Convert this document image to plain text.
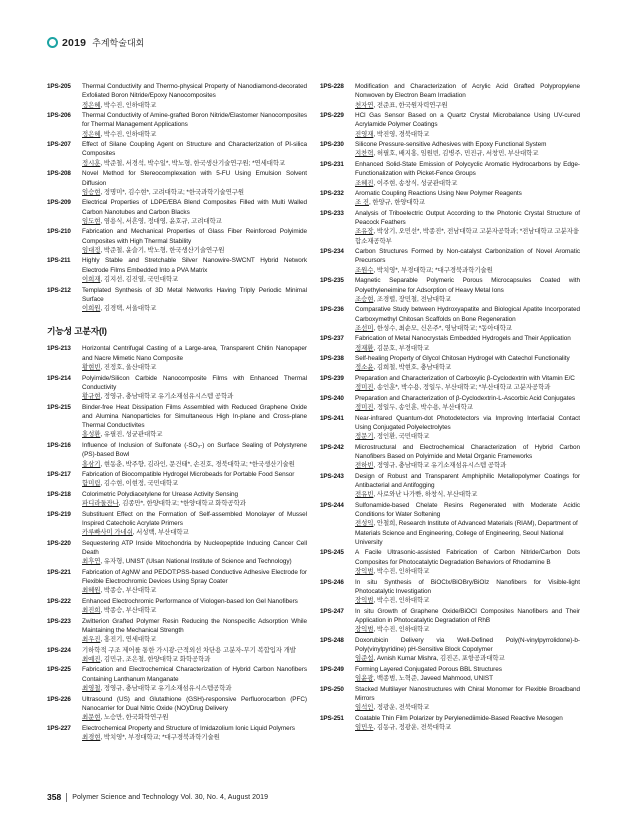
2019 추계학술대회
1PS-205	Thermal Conductivity and Thermo-physical Property of Nanodiamond-decorated Exfoliated Boron Nitride/Epoxy Nanocomposites
정은혜, 박수진, 인하대학교
1PS-206	Thermal Conductivity of Amine-grafted Boron Nitride/Elastomer Nanocomposites for Thermal Management Applications
정은혜, 박수진, 인하대학교
1PS-207	Effect of Silane Coupling Agent on Structure and Characterization of PI-silica Composites
정시훈, 박준철, 서경석, 박수일*, 박노형, 한국생산기술연구원; *연세대학교
1PS-208	Novel Method for Stereocomplexation with 5-FU Using Emulsion Solvent Diffusion
임승현, 정명미*, 김수현*, 고려대학교; *한국과학기술연구원
1PS-209	Electrical Properties of LDPE/EBA Blend Composites Filled with Multi Walled Carbon Nanotubes and Carbon Blacks
임도현, 염용식, 서흔영, 정대영, 윤호규, 고려대학교
1PS-210	Fabrication and Mechanical Properties of Glass Fiber Reinforced Polyimide Composites with High Thermal Stability
임대정, 박준철, 윤슬기, 박노형, 한국생산기술연구원
1PS-211	Highly Stable and Stretchable Silver Nanowire-SWCNT Hybrid Network Electrode Films Embedded Into a PVA Matrix
이희재, 김지선, 김진열, 국민대학교
1PS-212	Templated Synthesis of 3D Metal Networks Having Triply Periodic Minimal Surface
이희원, 김경택, 서울대학교
기능성 고분자(I)
1PS-213	Horizontal Centrifugal Casting of a Large-area, Transparent Chitin Nanopaper and Nacre Mimetic Nano Composite
황현빈, 진정호, 울산대학교
1PS-214	Polyimide/Silicon Carbide Nanocomposite Films with Enhanced Thermal Conductivity
황규현, 정영규, 충남대학교 유기소재섬유시스템 공학과
1PS-215	Binder-free Heat Dissipation Films Assembled with Reduced Graphene Oxide and Alumina Nanoparticles for Simultaneous High In-plane and Cross-plane Thermal Conductivites
홍성환, 유필진, 성균관대학교
1PS-216	Influence of Inclusion of Sulfonate (-SO₃-) on Surface Sealing of Polystyrene (PS)-based Bowl
홍삼기, 현동춘, 박주향, 김라인, 문건태*, 손진호, 경북대학교; *한국생산기술원
1PS-217	Fabrication of Biocompatible Hydrogel Microbeads for Portable Food Sensor
함미림, 김수현, 이현정, 국민대학교
1PS-218	Colorimetric Polydiacetylene for Urease Activity Sensing
파디라둘잔나, 김종만*, 한양대학교; *한양대학교 화학공학과
1PS-219	Substituent Effect on the Formation of Self-assembled Monolayer of Mussel Inspired Catecholic Acrylate Primers
카루빠사미 가네쉬, 서성백, 부산대학교
1PS-220	Sequestering ATP Inside Mitochondria by Nucleopeptide Inducing Cancer Cell Death
최후연, 유자형, UNIST (Ulsan National Institute of Science and Technology)
1PS-221	Fabrication of AgNW and PEDOT:PSS-based Conductive Adhesive Electrode for Flexible Electrochromic Devices Using Spray Coater
최혜원, 박종승, 부산대학교
1PS-222	Enhanced Electrochromic Performance of Viologen-based Ion Gel Nanofibers
최진희, 박종승, 부산대학교
1PS-223	Zwitterion Grafted Polymer Resin Reducing the Nonspecific Adsorption While Maintaining the Mechanical Strength
최우진, 홍진기, 연세대학교
1PS-224	기하학적 구조 제어를 통한 가시광-근적외선 차단용 고분자-무기 복합입자 개발
최예진, 김민규, 조은철, 한양대학교 화학공학과
1PS-225	Fabrication and Electrochemical Characterization of Hybrid Carbon Nanofibers Containing Lanthanum Manganate
최영철, 정영규, 충남대학교 유기소재섬유시스템공학과
1PS-226	Ultrasound (US) and Glutathione (GSH)-responsive Perfluorocarbon (PFC) Nanocarrier for Dual Nitric Oxide (NO)/Drug Delivery
최문현, 노승만, 한국화학연구원
1PS-227	Electrochemical Property and Structure of Imidazolium Ionic Liquid Polymers
최경현, 박치영*, 부경대학교; *대구경북과학기술원
1PS-228	Modification and Characterization of Acrylic Acid Grafted Polypropylene Nonwoven by Electron Beam Irradiation
천자연, 전준표, 한국원자력연구원
1PS-229	HCl Gas Sensor Based on a Quartz Crystal Microbalance Using UV-cured Acrylamide Polymer Coatings
진영재, 박진영, 경북대학교
1PS-230	Silicone Pressure-sensitive Adhesives with Epoxy Functional System
지찬혁, 허필호, 배지홍, 임원빈, 김병주, 민진규, 서창민, 부산대학교
1PS-231	Enhanced Solid-State Emission of Polycyclic Aromatic Hydrocarbons by Edge-Functionalization with Picket-Fence Groups
조혜진, 이주현, 송창식, 성균관대학교
1PS-232	Aromatic Coupling Reactions Using New Polymer Reagents
조 진, 한양규, 한양대학교
1PS-233	Analysis of Triboelectric Output According to the Photonic Crystal Structure of Peacock Feathers
조유장, 박상기, 오민선*, 박종진*, 전남대학교 고분자공학과; *전남대학교 고분자융합소재공학부
1PS-234	Carbon Structures Formed by Non-catalyst Carbonization of Novel Aromatic Precursors
조원수, 박치영*, 부경대학교; *대구경북과학기술원
1PS-235	Magnetic Separable Polymeric Porous Microcapsules Coated with Polyethyleneimine for Adsorption of Heavy Metal Ions
조승현, 조경렬, 장민철, 전남대학교
1PS-236	Comparative Study between Hydroxyapatite and Biological Apatite Incorporated Carboxymethyl Chitosan Scaffolds on Bone Regeneration
조선미, 한성수, 최순모, 신은주*, 영남대학교; *동아대학교
1PS-237	Fabrication of Metal Nanocrystals Embedded Hydrogels and Their Application
정재환, 김문호, 부경대학교
1PS-238	Self-healing Property of Glycol Chitosan Hydrogel with Catechol Functionality
정소윤, 김희철, 박현호, 충남대학교
1PS-239	Preparation and Characterization of Carboxylic β-Cyclodextrin with Vitamin E/C
정미진, 송인훈*, 박수용, 정일두, 부산대학교; *부산대학교 고분자공학과
1PS-240	Preparation and Characterization of β-Cyclodextrin-L-Ascorbic Acid Conjugates
정미진, 정일두, 송인훈, 박수용, 부산대학교
1PS-241	Near-infrared Quantum-dot Photodetectors via Improving Interfacial Contact Using Conjugated Polyelectrolytes
정문기, 정인환, 국민대학교
1PS-242	Microstructural and Electrochemical Characterization of Hybrid Carbon Nanofibers Based on Polyimide and Metal Organic Frameworks
전하빈, 정영규, 충남대학교 유기소재섬유시스템 공학과
1PS-243	Design of Robust and Transparent Amphiphilic Metallopolymer Coatings for Antibacterial and Antifogging
전유빈, 사로와난 나가빤, 하창식, 부산대학교
1PS-244	Sulfonamide-based Chelate Resins Regenerated with Moderate Acidic Conditions for Water Softening
전성익, 안철희, Research Institute of Advanced Materials (RIAM), Department of Materials Science and Engineering, College of Engineering, Seoul National University
1PS-245	A Facile Ultrasonic-assisted Fabrication of Carbon Nitride/Carbon Dots Composites for Photocatalytic Degradation Behaviors of Rhodamine B
장익범, 박수진, 인하대학교
1PS-246	In situ Synthesis of BiOClx/BiOBry/BiOIz Nanofibers for Visible-light Photocatalytic Investigation
장익범, 박수진, 인하대학교
1PS-247	In situ Growth of Graphene Oxide/BiOCl Composites Nanofibers and Their Application in Photocatalytic Degradation of RhB
장익범, 박수진, 인하대학교
1PS-248	Doxorubicin Delivery via Well-Defined Poly(N-vinylpyrrolidone)-b-Poly(vinylpyridine) pH-Sensitive Block Copolymer
임준섭, Avnish Kumar Mishra, 김진곤, 포항공과대학교
1PS-249	Forming Layered Conjugated Porous BBL Structures
임윤광, 백종범, 노혁준, Javeed Mahmood, UNIST
1PS-250	Stacked Multilayer Nanostructures with Chiral Monomer for Flexible Broadband Mirrors
임석인, 정광운, 전북대학교
1PS-251	Coatable Thin Film Polarizer by Perylenediimide-Based Reactive Mesogen
임민우, 김동규, 정광운, 전북대학교
358 Polymer Science and Technology Vol. 30, No. 4, August 2019
